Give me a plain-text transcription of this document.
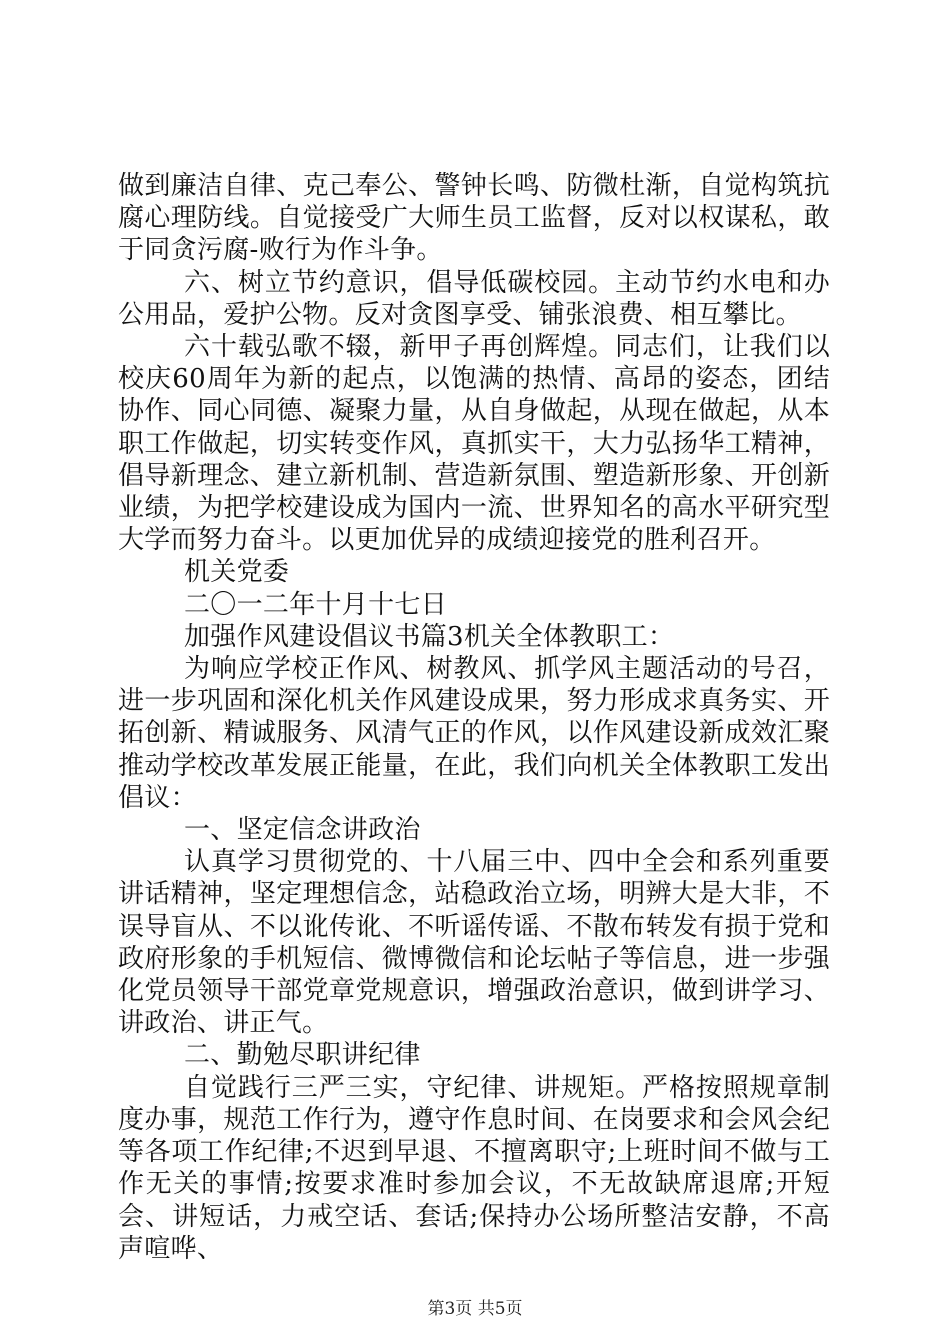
做到廉洁自律、克己奉公、警钟长鸣、防微杜渐，自觉构筑抗腐心理防线。自觉接受广大师生员工监督，反对以权谋私，敢于同贪污腐-败行为作斗争。

六、树立节约意识，倡导低碳校园。主动节约水电和办公用品，爱护公物。反对贪图享受、铺张浪费、相互攀比。

六十载弘歌不辍，新甲子再创辉煌。同志们，让我们以校庆60周年为新的起点，以饱满的热情、高昂的姿态，团结协作、同心同德、凝聚力量，从自身做起，从现在做起，从本职工作做起，切实转变作风，真抓实干，大力弘扬华工精神，倡导新理念、建立新机制、营造新氛围、塑造新形象、开创新业绩，为把学校建设成为国内一流、世界知名的高水平研究型大学而努力奋斗。以更加优异的成绩迎接党的胜利召开。

机关党委

二〇一二年十月十七日

加强作风建设倡议书篇3机关全体教职工：

为响应学校正作风、树教风、抓学风主题活动的号召，进一步巩固和深化机关作风建设成果，努力形成求真务实、开拓创新、精诚服务、风清气正的作风，以作风建设新成效汇聚推动学校改革发展正能量，在此，我们向机关全体教职工发出倡议：

一、坚定信念讲政治

认真学习贯彻党的、十八届三中、四中全会和系列重要讲话精神，坚定理想信念，站稳政治立场，明辨大是大非，不误导盲从、不以讹传讹、不听谣传谣、不散布转发有损于党和政府形象的手机短信、微博微信和论坛帖子等信息，进一步强化党员领导干部党章党规意识，增强政治意识，做到讲学习、讲政治、讲正气。

二、勤勉尽职讲纪律

自觉践行三严三实，守纪律、讲规矩。严格按照规章制度办事，规范工作行为，遵守作息时间、在岗要求和会风会纪等各项工作纪律;不迟到早退、不擅离职守;上班时间不做与工作无关的事情;按要求准时参加会议，不无故缺席退席;开短会、讲短话，力戒空话、套话;保持办公场所整洁安静，不高声喧哗、

第3页 共5页
